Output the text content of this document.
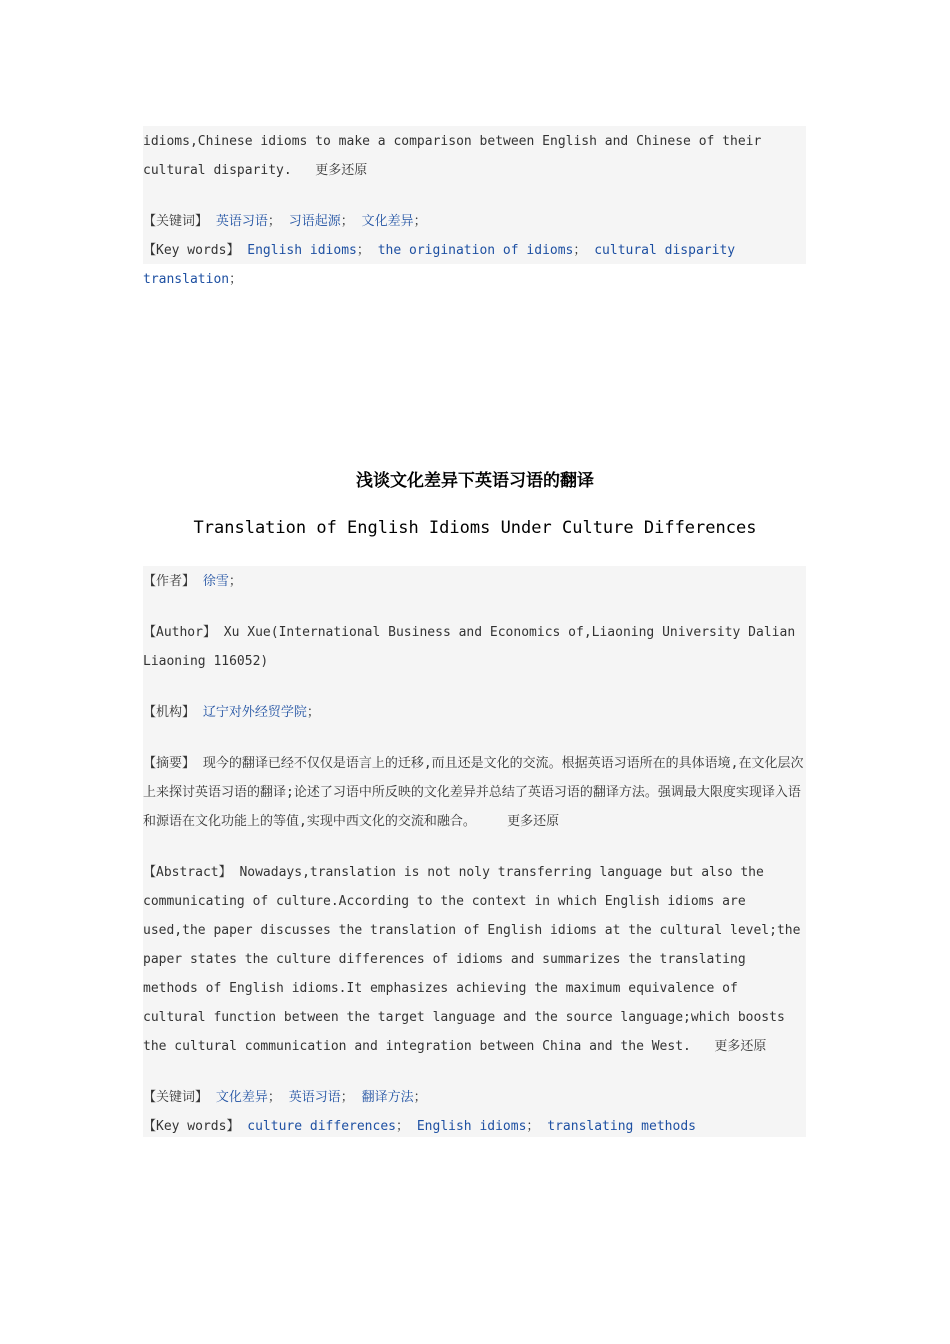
idioms,Chinese idioms to make a comparison between English and Chinese of their cultural disparity. 更多还原

【关键词】 英语习语； 习语起源； 文化差异；

【Key words】 English idioms； the origination of idioms； cultural disparity translation；

浅谈文化差异下英语习语的翻译
Translation of English Idioms Under Culture Differences

【作者】 徐雪；

【Author】 Xu Xue(International Business and Economics of,Liaoning University Dalian Liaoning 116052)

【机构】 辽宁对外经贸学院；

【摘要】 现今的翻译已经不仅仅是语言上的迁移,而且还是文化的交流。根据英语习语所在的具体语境,在文化层次上来探讨英语习语的翻译;论述了习语中所反映的文化差异并总结了英语习语的翻译方法。强调最大限度实现译入语和源语在文化功能上的等值,实现中西文化的交流和融合。 更多还原

【Abstract】 Nowadays,translation is not noly transferring language but also the communicating of culture.According to the context in which English idioms are used,the paper discusses the translation of English idioms at the cultural level;the paper states the culture differences of idioms and summarizes the translating methods of English idioms.It emphasizes achieving the maximum equivalence of cultural function between the target language and the source language;which boosts the cultural communication and integration between China and the West. 更多还原

【关键词】 文化差异； 英语习语； 翻译方法；

【Key words】 culture differences； English idioms； translating methods
